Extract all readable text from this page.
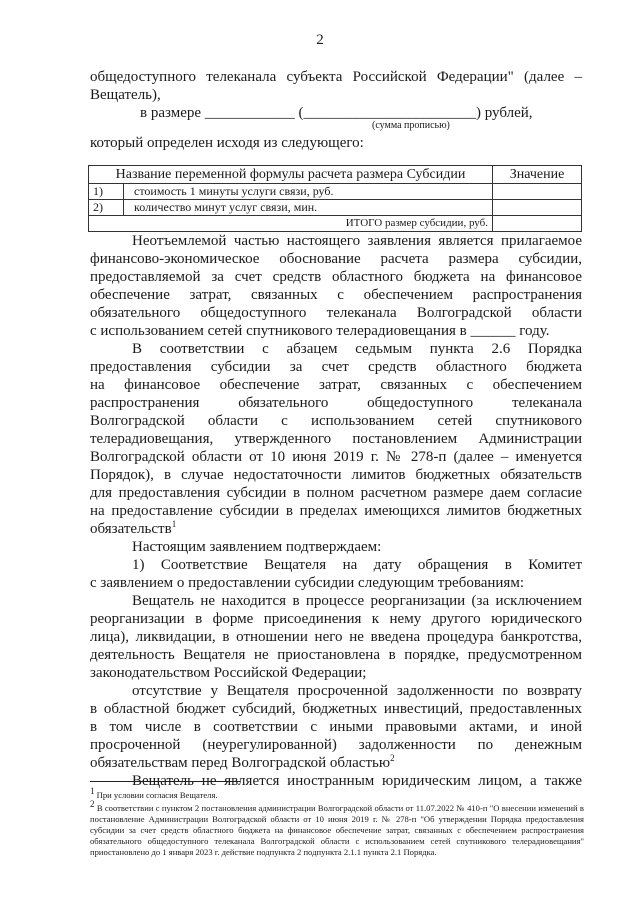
2
общедоступного телеканала субъекта Российской Федерации" (далее –
Вещатель),
в размере ____________ (_______________________) рублей,
(сумма прописью)
который определен исходя из следующего:
Название переменной формулы расчета размера Субсидии		Значение
1)	стоимость 1 минуты услуги связи, руб.	
2)	количество минут услуг связи, мин.	
ИТОГО размер субсидии, руб.		
Неотъемлемой частью настоящего заявления является прилагаемое
финансово-экономическое обоснование расчета размера субсидии,
предоставляемой за счет средств областного бюджета на финансовое
обеспечение затрат, связанных с обеспечением распространения
обязательного общедоступного телеканала Волгоградской области
с использованием сетей спутникового телерадиовещания в ______ году.
В соответствии с абзацем седьмым пункта 2.6 Порядка
предоставления субсидии за счет средств областного бюджета
на финансовое обеспечение затрат, связанных с обеспечением
распространения обязательного общедоступного телеканала
Волгоградской области с использованием сетей спутникового
телерадиовещания, утвержденного постановлением Администрации
Волгоградской области от 10 июня 2019 г. № 278-п (далее – именуется
Порядок), в случае недостаточности лимитов бюджетных обязательств
для предоставления субсидии в полном расчетном размере даем согласие
на предоставление субсидии в пределах имеющихся лимитов бюджетных
обязательств$^1$
Настоящим заявлением подтверждаем:
1) Соответствие Вещателя на дату обращения в Комитет
с заявлением о предоставлении субсидии следующим требованиям:
Вещатель не находится в процессе реорганизации (за исключением
реорганизации в форме присоединения к нему другого юридического
лица), ликвидации, в отношении него не введена процедура банкротства,
деятельность Вещателя не приостановлена в порядке, предусмотренном
законодательством Российской Федерации;
отсутствие у Вещателя просроченной задолженности по возврату
в областной бюджет субсидий, бюджетных инвестиций, предоставленных
в том числе в соответствии с иными правовыми актами, и иной
просроченной (неурегулированной) задолженности по денежным
обязательствам перед Волгоградской областью$^2$
Вещатель не является иностранным юридическим лицом, а также
$^1$ При условии согласия Вещателя.
$^2$ В соответствии с пунктом 2 постановления администрации Волгоградской области от 11.07.2022 № 410-п "О внесении изменений в постановление Администрации Волгоградской области от 10 июня 2019 г. № 278-п "Об утверждении Порядка предоставления субсидии за счет средств областного бюджета на финансовое обеспечение затрат, связанных с обеспечением распространения обязательного общедоступного телеканала Волгоградской области с использованием сетей спутникового телерадиовещания" приостановлено до 1 января 2023 г. действие подпункта 2 подпункта 2.1.1 пункта 2.1 Порядка.
